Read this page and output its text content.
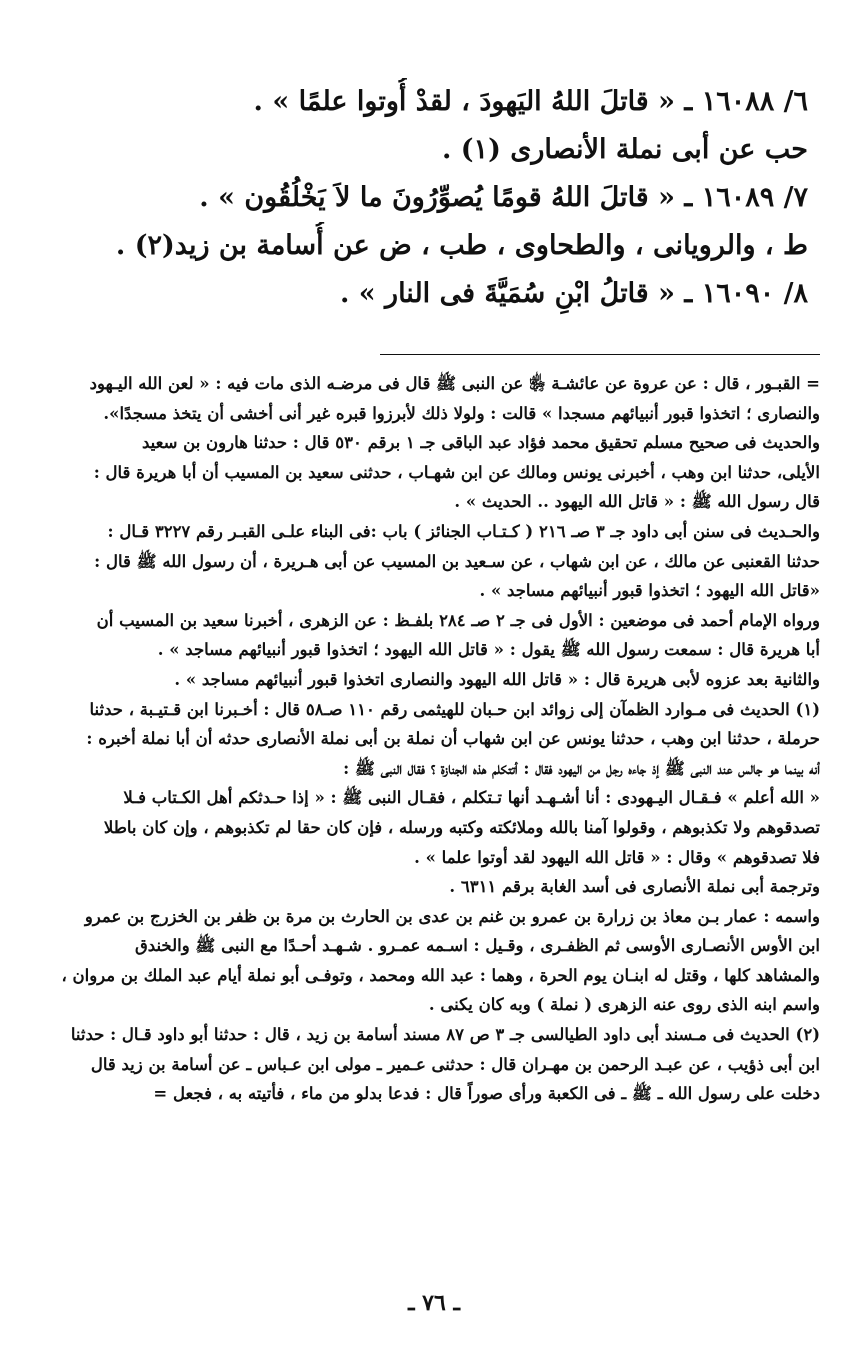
٦/ ١٦٠٨٨ ـ « قاتلَ اللهُ اليَهودَ ، لقدْ أُوتوا علمًا » .
حب عن أبى نملة الأنصارى (١) .
٧/ ١٦٠٨٩ ـ « قاتلَ اللهُ قومًا يُصوِّرُونَ ما لاَ يَخْلُقُون » .
ط ، والرويانى ، والطحاوى ، طب ، ض عن أُسامة بن زيد(٢) .
٨/ ١٦٠٩٠ ـ « قاتلُ ابْنِ سُمَيَّةَ فى النار » .
= القبـور ، قال : عن عروة عن عائشـة ﵂ عن النبى ﷺ قال فى مرضـه الذى مات فيه : « لعن الله اليـهود
والنصارى ؛ اتخذوا قبور أنبيائهم مسجدا » قالت : ولولا ذلك لأبرزوا قبره غير أنى أخشى أن يتخذ مسجدًا».
والحديث فى صحيح مسلم تحقيق محمد فؤاد عبد الباقى جـ ١ برقم ٥٣٠ قال : حدثنا هارون بن سعيد
الأيلى، حدثنا ابن وهب ، أخبرنى يونس ومالك عن ابن شهـاب ، حدثنى سعيد بن المسيب أن أبا هريرة قال :
قال رسول الله ﷺ : « قاتل الله اليهود .. الحديث » .
والحـديث فى سنن أبى داود جـ ٣ صـ ٢١٦ ( كـتـاب الجنائز ) باب :فى البناء علـى القبـر رقم ٣٢٢٧ قـال :
حدثنا القعنبى عن مالك ، عن ابن شهاب ، عن سـعيد بن المسيب عن أبى هـريرة ، أن رسول الله ﷺ قال :
«قاتل الله اليهود ؛ اتخذوا قبور أنبيائهم مساجد » .
ورواه الإمام أحمد فى موضعين : الأول فى جـ ٢ صـ ٢٨٤ بلفـظ : عن الزهرى ، أخبرنا سعيد بن المسيب أن
أبا هريرة قال : سمعت رسول الله ﷺ يقول : « قاتل الله اليهود ؛ اتخذوا قبور أنبيائهم مساجد » .
والثانية بعد عزوه لأبى هريرة قال : « قاتل الله اليهود والنصارى اتخذوا قبور أنبيائهم مساجد » .
(١) الحديث فى مـوارد الظمآن إلى زوائد ابن حـبان للهيثمى رقم ١١٠ صـ٥٨ قال : أخـبرنا ابن قـتيـبة ، حدثنا
حرملة ، حدثنا ابن وهب ، حدثنا يونس عن ابن شهاب أن نملة بن أبى نملة الأنصارى حدثه أن أبا نملة أخبره :
أنه بينما هو جالس عند النبى ﷺ إذ جاءه رجل من اليهود فقال : أتتكلم هذه الجنازة ؟ فقال النبى ﷺ :
« الله أعلم » فـقـال اليـهودى : أنا أشـهـد أنها تـتكلم ، فقـال النبى ﷺ : « إذا حـدثكم أهل الكـتاب فـلا
تصدقوهم ولا تكذبوهم ، وقولوا آمنا بالله وملائكته وكتبه ورسله ، فإن كان حقا لم تكذبوهم ، وإن كان باطلا
فلا تصدقوهم » وقال : « قاتل الله اليهود لقد أوتوا علما » .
وترجمة أبى نملة الأنصارى فى أسد الغابة برقم ٦٣١١ .
واسمه : عمار بـن معاذ بن زرارة بن عمرو بن غنم بن عدى بن الحارث بن مرة بن ظفر بن الخزرج بن عمرو
ابن الأوس الأنصـارى الأوسى ثم الظفـرى ، وقـيل : اسـمه عمـرو . شـهـد أحـدًا مع النبى ﷺ والخندق
والمشاهد كلها ، وقتل له ابنـان يوم الحرة ، وهما : عبد الله ومحمد ، وتوفـى أبو نملة أيام عبد الملك بن مروان ،
واسم ابنه الذى روى عنه الزهرى ( نملة ) وبه كان يكنى .
(٢) الحديث فى مـسند أبى داود الطيالسى جـ ٣ ص ٨٧ مسند أسامة بن زيد ، قال : حدثنا أبو داود قـال : حدثنا
ابن أبى ذؤيب ، عن عبـد الرحمن بن مهـران قال : حدثنى عـمير ـ مولى ابن عـباس ـ عن أسامة بن زيد قال
دخلت على رسول الله ـ ﷺ ـ فى الكعبة ورأى صوراً قال : فدعا بدلو من ماء ، فأتيته به ، فجعل =
ـ ٧٦ ـ
